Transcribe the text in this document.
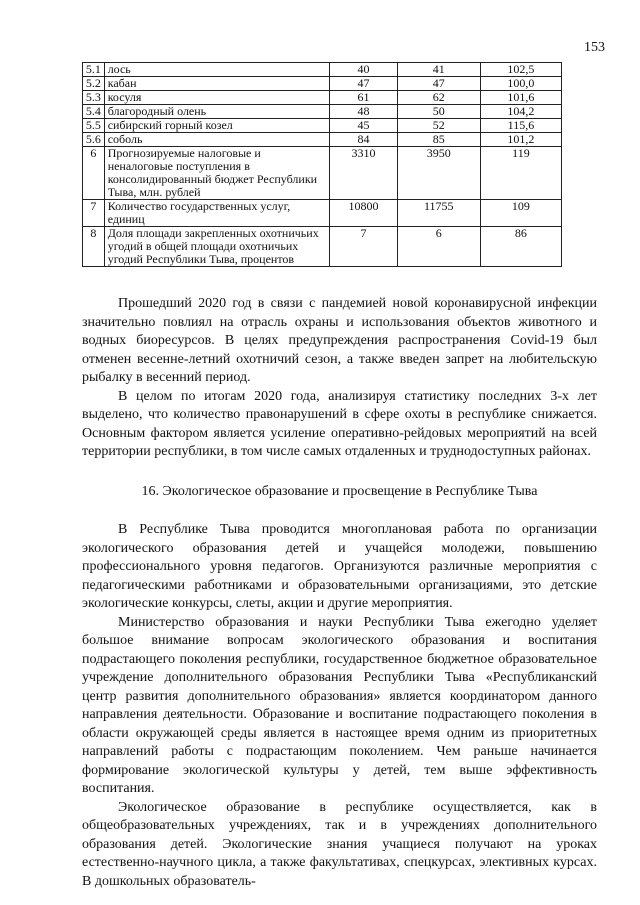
153
5.1	лось	40	41	102,5
5.2	кабан	47	47	100,0
5.3	косуля	61	62	101,6
5.4	благородный олень	48	50	104,2
5.5	сибирский горный козел	45	52	115,6
5.6	соболь	84	85	101,2
6	Прогнозируемые налоговые и неналоговые поступления в консолидированный бюджет Республики Тыва, млн. рублей	3310	3950	119
7	Количество государственных услуг, единиц	10800	11755	109
8	Доля площади закрепленных охотничьих угодий в общей площади охотничьих угодий Республики Тыва, процентов	7	6	86

Прошедший 2020 год в связи с пандемией новой коронавирусной инфекции значительно повлиял на отрасль охраны и использования объектов животного и водных биоресурсов. В целях предупреждения распространения Covid-19 был отменен весенне-летний охотничий сезон, а также введен запрет на любительскую рыбалку в весенний период.

В целом по итогам 2020 года, анализируя статистику последних 3-х лет выделено, что количество правонарушений в сфере охоты в республике снижается. Основным фактором является усиление оперативно-рейдовых мероприятий на всей территории республики, в том числе самых отдаленных и труднодоступных районах.

16. Экологическое образование и просвещение в Республике Тыва

В Республике Тыва проводится многоплановая работа по организации экологического образования детей и учащейся молодежи, повышению профессионального уровня педагогов. Организуются различные мероприятия с педагогическими работниками и образовательными организациями, это детские экологические конкурсы, слеты, акции и другие мероприятия.

Министерство образования и науки Республики Тыва ежегодно уделяет большое внимание вопросам экологического образования и воспитания подрастающего поколения республики, государственное бюджетное образовательное учреждение дополнительного образования Республики Тыва «Республиканский центр развития дополнительного образования» является координатором данного направления деятельности. Образование и воспитание подрастающего поколения в области окружающей среды является в настоящее время одним из приоритетных направлений работы с подрастающим поколением. Чем раньше начинается формирование экологической культуры у детей, тем выше эффективность воспитания.

Экологическое образование в республике осуществляется, как в общеобразовательных учреждениях, так и в учреждениях дополнительного образования детей. Экологические знания учащиеся получают на уроках естественно-научного цикла, а также факультативах, спецкурсах, элективных курсах. В дошкольных образователь-
